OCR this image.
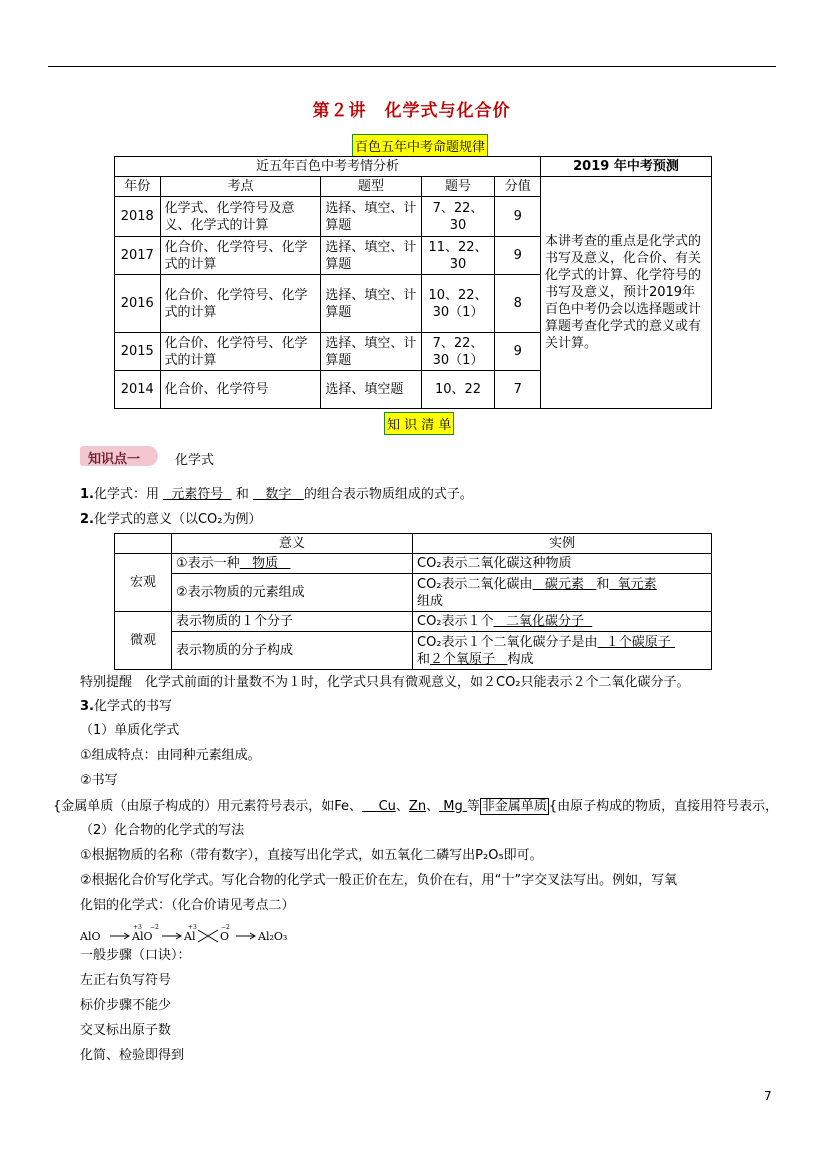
第２讲　化学式与化合价
百色五年中考命题规律
近五年百色中考考情分析					2019 年中考预测
年份	考点	题型	题号	分值	本讲考查的重点是化学式的书写及意义，化合价、有关化学式的计算、化学符号的书写及意义，预计2019年百色中考仍会以选择题或计算题考查化学式的意义或有关计算。
2018	化学式、化学符号及意义、化学式的计算	选择、填空、计算题	7、22、30	9	
2017	化合价、化学符号、化学式的计算	选择、填空、计算题	11、22、30	9	
2016	化合价、化学符号、化学式的计算	选择、填空、计算题	10、22、30（1）	8	
2015	化合价、化学符号、化学式的计算	选择、填空、计算题	7、22、30（1）	9	
2014	化合价、化学符号	选择、填空题	10、22	7	
知 识 清 单
知识点一	化学式
1.化学式：用 元素符号 和 数字 的组合表示物质组成的式子。
2.化学式的意义（以CO₂为例）
	意义	实例
宏观	①表示一种 物质	CO₂表示二氧化碳这种物质
	②表示物质的元素组成	CO₂表示二氧化碳由 碳元素 和 氧元素
组成
微观	表示物质的１个分子	CO₂表示１个 二氧化碳分子
	表示物质的分子构成	CO₂表示１个二氧化碳分子是由 １个碳原子
和２个氧原子 构成
特别提醒　化学式前面的计量数不为１时，化学式只具有微观意义，如２CO₂只能表示２个二氧化碳分子。
3.化学式的书写
（1）单质化学式
①组成特点：由同种元素组成。
②书写
{金属单质（由原子构成的）用元素符号表示，如Fe、 Cu、Zn、 Mg 等 非金属单质 {由原子构成的物质，直接用符号表示，
（2）化合物的化学式的写法
①根据物质的名称（带有数字），直接写出化学式，如五氧化二磷写出P₂O₅即可。
②根据化合价写化学式。写化合物的化学式一般正价在左，负价在右，用“十”字交叉法写出。例如，写氧
化铝的化学式：（化合价请见考点二）
AlO	AlO
+3 −2
Al
+3
O
−2
Al₂O₃
一般步骤（口诀）：
左正右负写符号
标价步骤不能少
交叉标出原子数
化简、检验即得到
7
